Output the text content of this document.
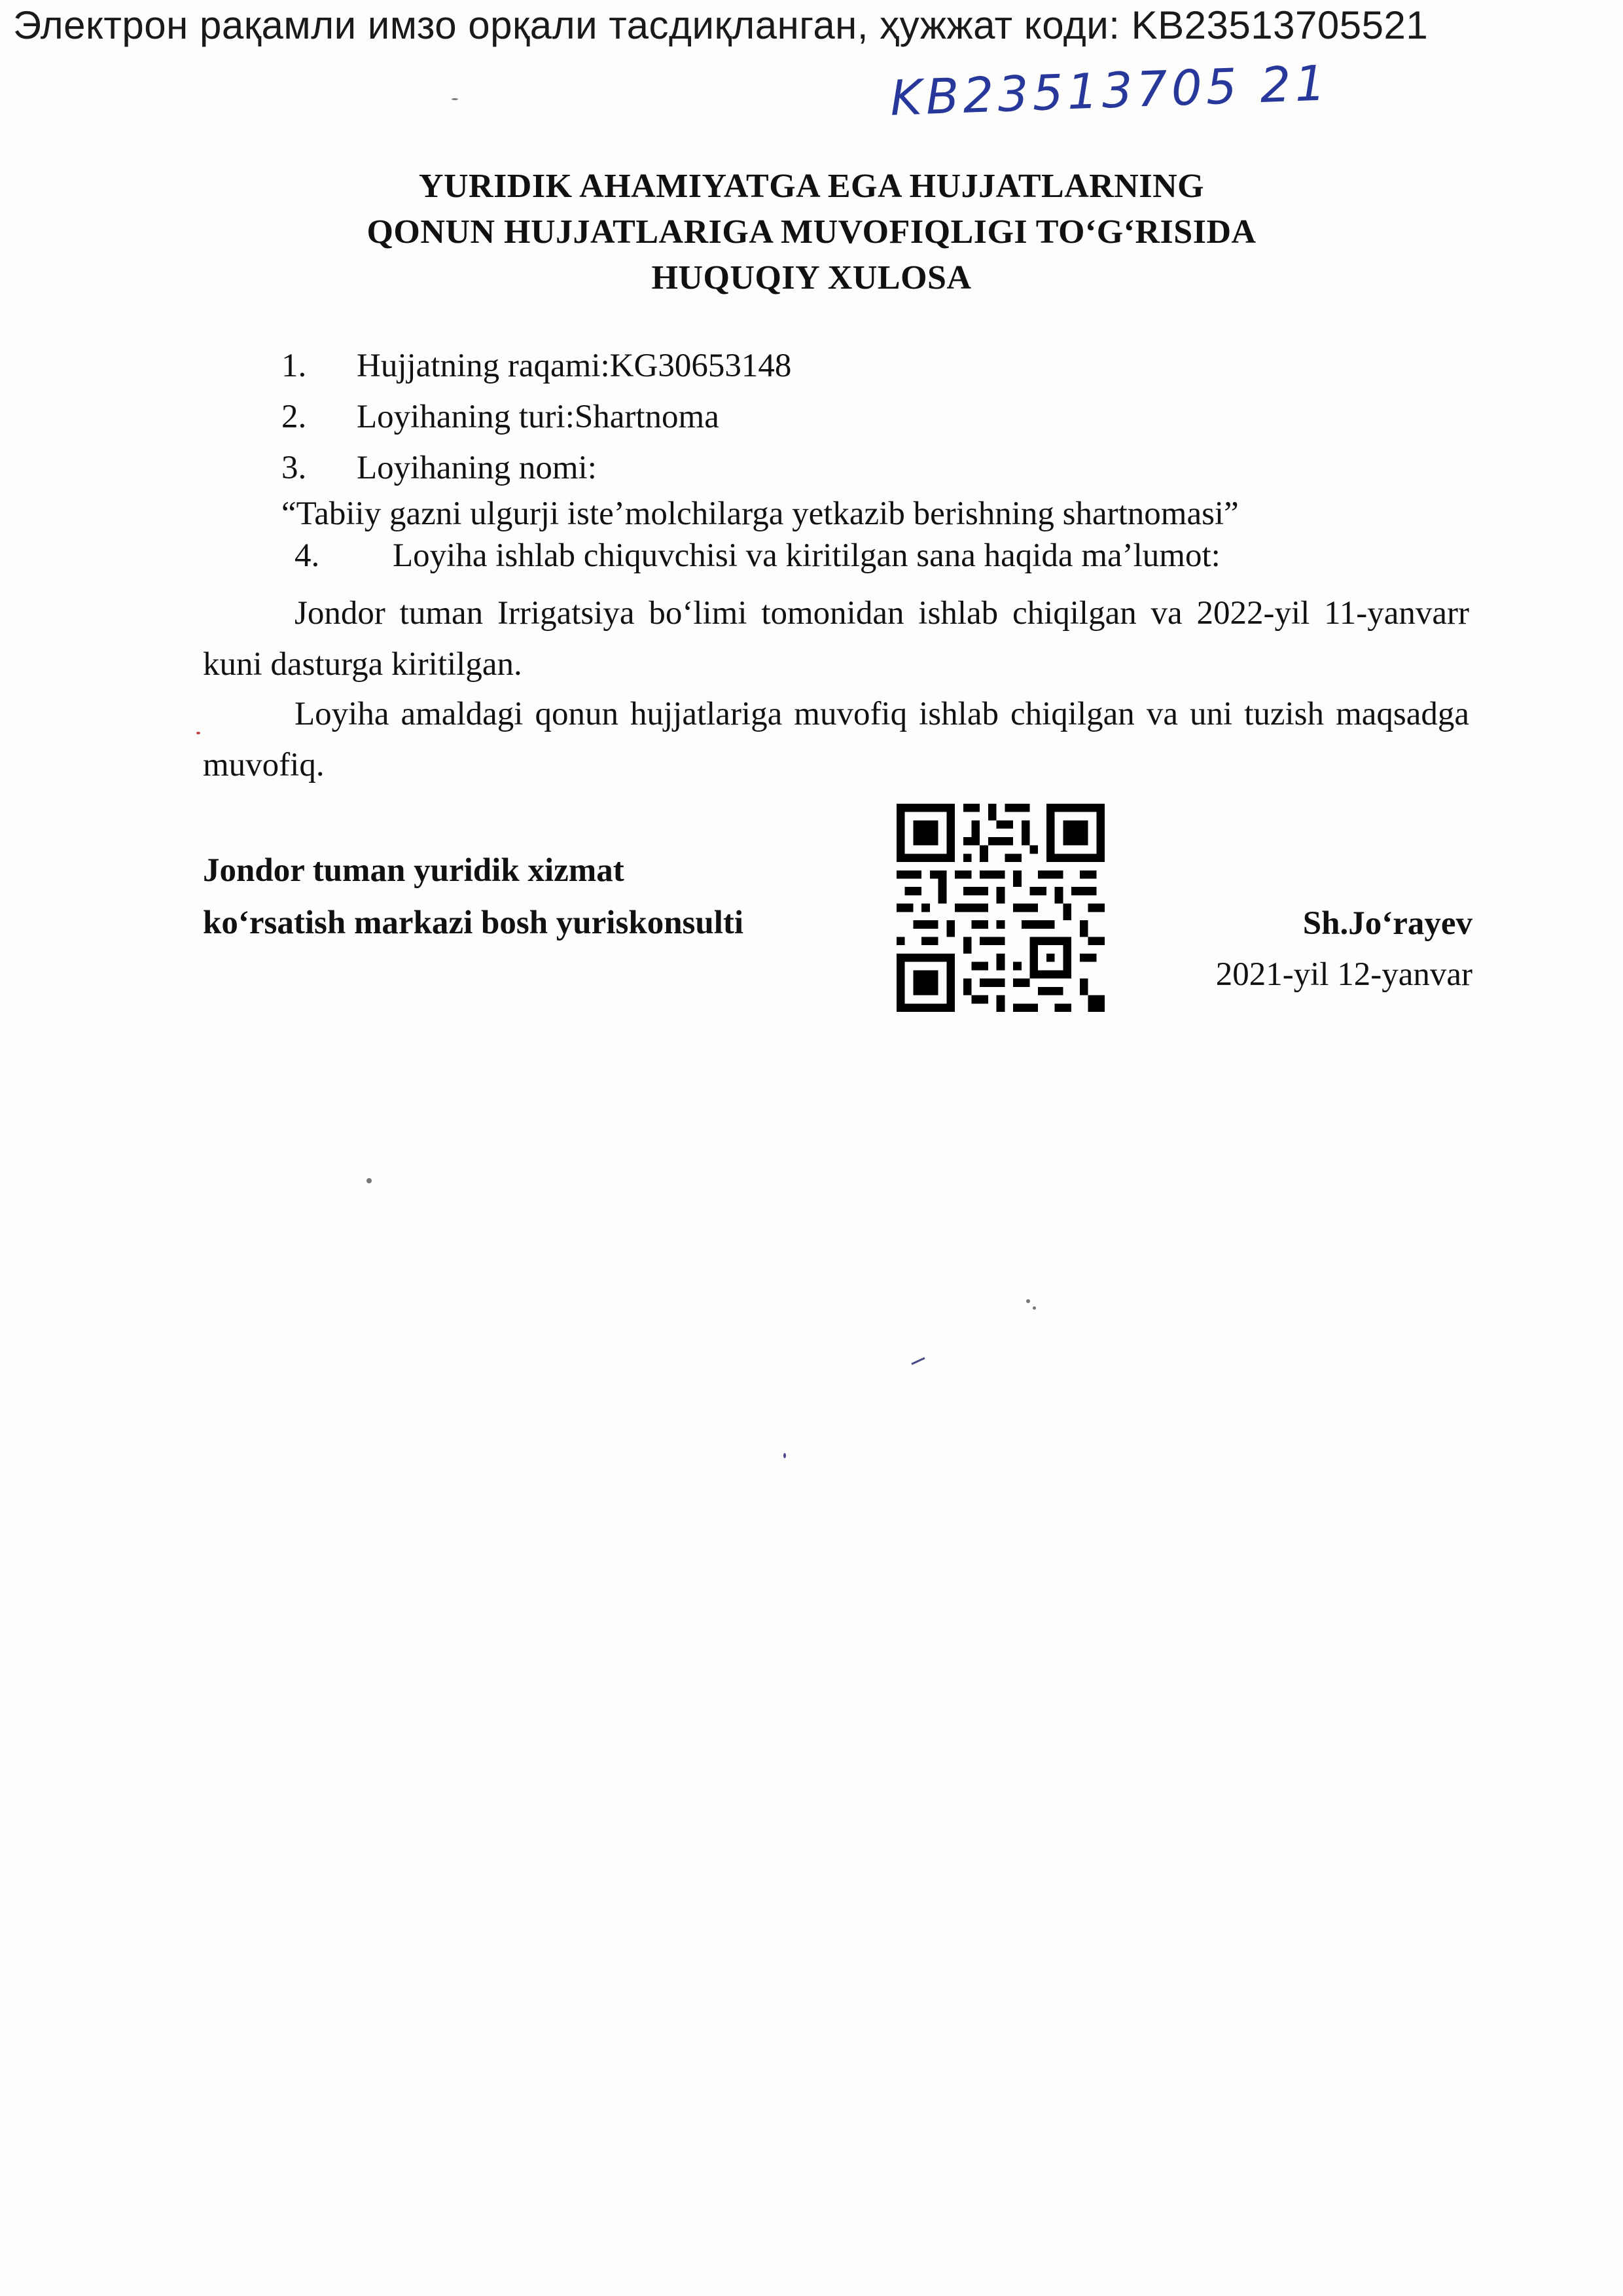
Электрон рақамли имзо орқали тасдиқланган, ҳужжат коди: KB23513705521
KB23513705 21
YURIDIK AHAMIYATGA EGA HUJJATLARNING
QONUN HUJJATLARIGA MUVOFIQLIGI TO‘G‘RISIDA
HUQUQIY XULOSA
1. Hujjatning raqami:KG30653148
2. Loyihaning turi:Shartnoma
3. Loyihaning nomi:
“Tabiiy gazni ulgurji iste’molchilarga yetkazib berishning shartnomasi”
4. Loyiha ishlab chiquvchisi va kiritilgan sana haqida ma’lumot:
Jondor tuman Irrigatsiya bo‘limi tomonidan ishlab chiqilgan va 2022-yil 11-yanvarr kuni dasturga kiritilgan.
Loyiha amaldagi qonun hujjatlariga muvofiq ishlab chiqilgan va uni tuzish maqsadga muvofiq.
Jondor tuman yuridik xizmat
ko‘rsatish markazi bosh yuriskonsulti	Sh.Jo‘rayev
2021-yil 12-yanvar
